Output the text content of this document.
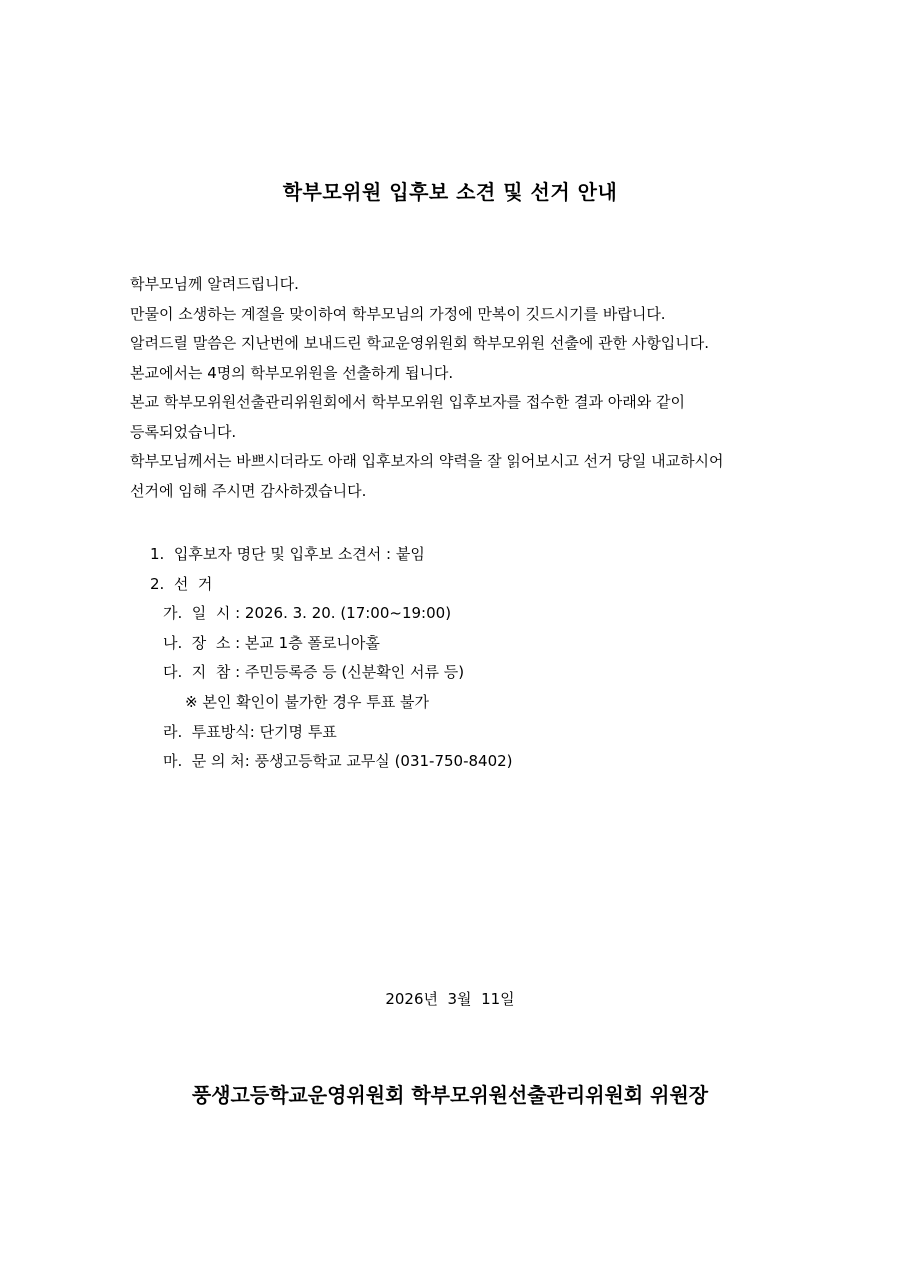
학부모위원 입후보 소견 및 선거 안내
학부모님께 알려드립니다.
만물이 소생하는 계절을 맞이하여 학부모님의 가정에 만복이 깃드시기를 바랍니다.
알려드릴 말씀은 지난번에 보내드린 학교운영위원회 학부모위원 선출에 관한 사항입니다.
본교에서는 4명의 학부모위원을 선출하게 됩니다.
본교 학부모위원선출관리위원회에서 학부모위원 입후보자를 접수한 결과 아래와 같이
등록되었습니다.
학부모님께서는 바쁘시더라도 아래 입후보자의 약력을 잘 읽어보시고 선거 당일 내교하시어
선거에 임해 주시면 감사하겠습니다.
1.  입후보자 명단 및 입후보 소견서 : 붙임
2.  선  거
가.  일  시 : 2026. 3. 20. (17:00~19:00)
나.  장  소 : 본교 1층 폴로니아홀
다.  지  참 : 주민등록증 등 (신분확인 서류 등)
※ 본인 확인이 불가한 경우 투표 불가
라.  투표방식: 단기명 투표
마.  문 의 처: 풍생고등학교 교무실 (031-750-8402)
2026년  3월  11일
풍생고등학교운영위원회 학부모위원선출관리위원회 위원장
